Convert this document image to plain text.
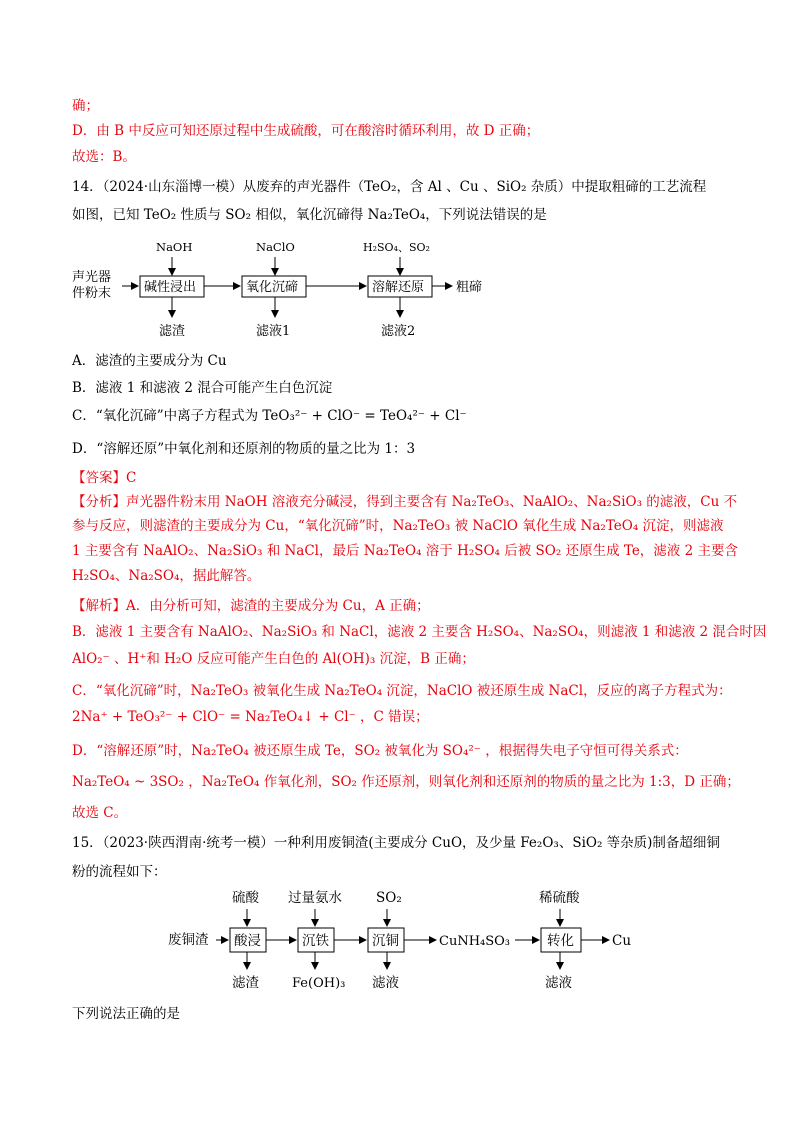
确；
D．由 B 中反应可知还原过程中生成硫酸，可在酸溶时循环利用，故 D 正确；
故选：B。
14．（2024·山东淄博一模）从废弃的声光器件（TeO₂，含 Al 、Cu 、SiO₂ 杂质）中提取粗碲的工艺流程
如图，已知 TeO₂ 性质与 SO₂ 相似，氧化沉碲得 Na₂TeO₄，下列说法错误的是
声光器
件粉末
NaOH	NaClO	H₂SO₄、SO₂
碱性浸出	氧化沉碲	溶解还原 粗碲
滤渣	滤液1	滤液2
A．滤渣的主要成分为 Cu
B．滤液 1 和滤液 2 混合可能产生白色沉淀
C．“氧化沉碲”中离子方程式为 TeO₃²⁻ + ClO⁻ = TeO₄²⁻ + Cl⁻
D．“溶解还原”中氧化剂和还原剂的物质的量之比为 1：3
【答案】C
【分析】声光器件粉末用 NaOH 溶液充分碱浸，得到主要含有 Na₂TeO₃、NaAlO₂、Na₂SiO₃ 的滤液，Cu 不
参与反应，则滤渣的主要成分为 Cu，“氧化沉碲”时，Na₂TeO₃ 被 NaClO 氧化生成 Na₂TeO₄ 沉淀，则滤液
1 主要含有 NaAlO₂、Na₂SiO₃ 和 NaCl，最后 Na₂TeO₄ 溶于 H₂SO₄ 后被 SO₂ 还原生成 Te，滤液 2 主要含
H₂SO₄、Na₂SO₄，据此解答。
【解析】A．由分析可知，滤渣的主要成分为 Cu，A 正确；
B．滤液 1 主要含有 NaAlO₂、Na₂SiO₃ 和 NaCl，滤液 2 主要含 H₂SO₄、Na₂SO₄，则滤液 1 和滤液 2 混合时因
AlO₂⁻ 、H⁺和 H₂O 反应可能产生白色的 Al(OH)₃ 沉淀，B 正确；
C．“氧化沉碲”时，Na₂TeO₃ 被氧化生成 Na₂TeO₄ 沉淀，NaClO 被还原生成 NaCl，反应的离子方程式为：
2Na⁺ + TeO₃²⁻ + ClO⁻ = Na₂TeO₄↓ + Cl⁻ ，C 错误；
D．“溶解还原”时，Na₂TeO₄ 被还原生成 Te，SO₂ 被氧化为 SO₄²⁻ ，根据得失电子守恒可得关系式：
Na₂TeO₄ ~ 3SO₂ ，Na₂TeO₄ 作氧化剂，SO₂ 作还原剂，则氧化剂和还原剂的物质的量之比为 1:3，D 正确；
故选 C。
15．（2023·陕西渭南·统考一模）一种利用废铜渣(主要成分 CuO，及少量 Fe₂O₃、SiO₂ 等杂质)制备超细铜
粉的流程如下：
废铜渣
硫酸 过量氨水	SO₂	稀硫酸
酸浸	沉铁	沉铜	CuNH₄SO₃	转化	Cu
滤渣	Fe(OH)₃ 滤液	滤液
下列说法正确的是
